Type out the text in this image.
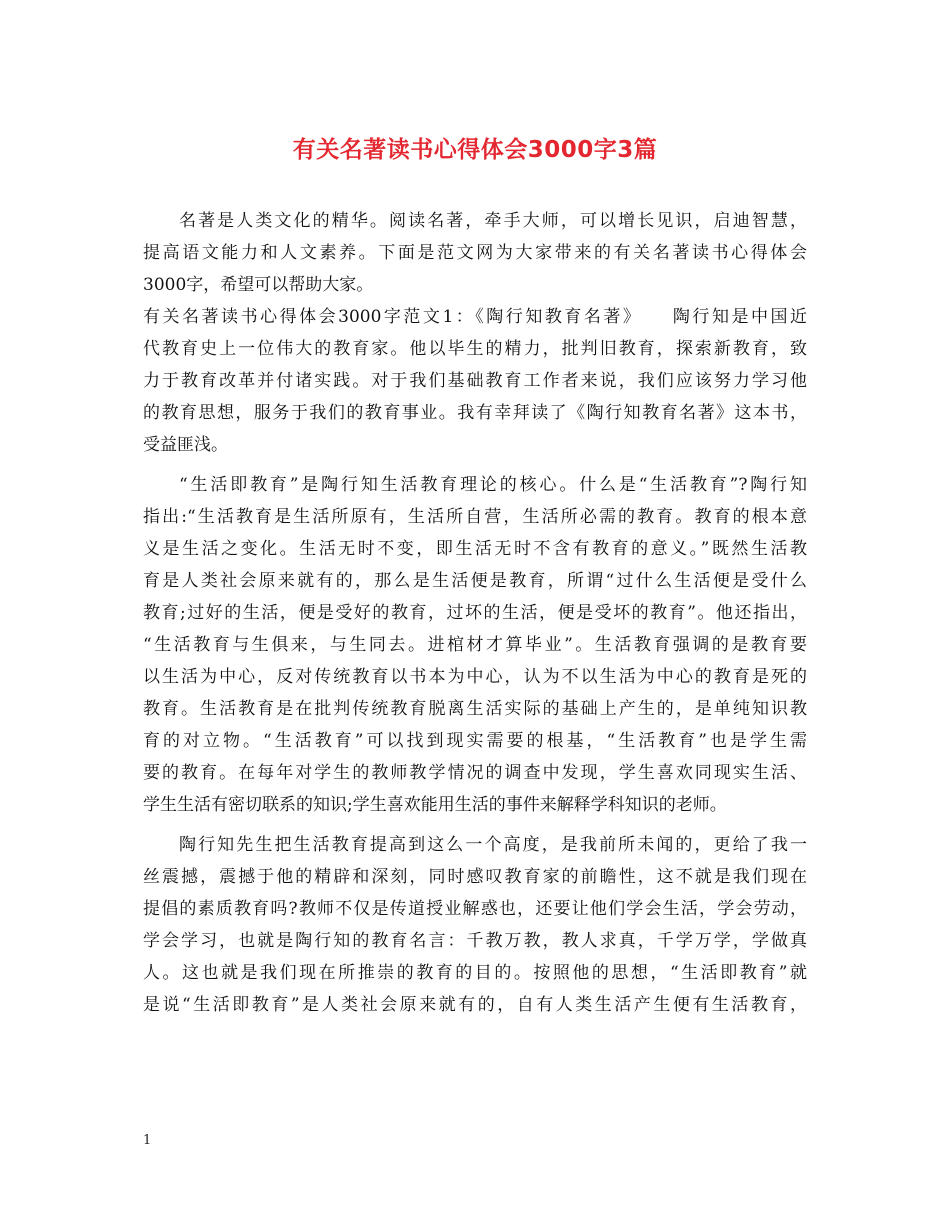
有关名著读书心得体会3000字3篇
名著是人类文化的精华。阅读名著，牵手大师，可以增长见识，启迪智慧，
提高语文能力和人文素养。下面是范文网为大家带来的有关名著读书心得体会
3000字，希望可以帮助大家。
有关名著读书心得体会3000字范文1：《陶行知教育名著》　　陶行知是中国近
代教育史上一位伟大的教育家。他以毕生的精力，批判旧教育，探索新教育，致
力于教育改革并付诸实践。对于我们基础教育工作者来说，我们应该努力学习他
的教育思想，服务于我们的教育事业。我有幸拜读了《陶行知教育名著》这本书，
受益匪浅。
“生活即教育”是陶行知生活教育理论的核心。什么是“生活教育”?陶行知
指出:“生活教育是生活所原有，生活所自营，生活所必需的教育。教育的根本意
义是生活之变化。生活无时不变，即生活无时不含有教育的意义。”既然生活教
育是人类社会原来就有的，那么是生活便是教育，所谓“过什么生活便是受什么
教育;过好的生活，便是受好的教育，过坏的生活，便是受坏的教育”。他还指出，
“生活教育与生俱来，与生同去。进棺材才算毕业”。生活教育强调的是教育要
以生活为中心，反对传统教育以书本为中心，认为不以生活为中心的教育是死的
教育。生活教育是在批判传统教育脱离生活实际的基础上产生的，是单纯知识教
育的对立物。“生活教育”可以找到现实需要的根基，“生活教育”也是学生需
要的教育。在每年对学生的教师教学情况的调查中发现，学生喜欢同现实生活、
学生生活有密切联系的知识;学生喜欢能用生活的事件来解释学科知识的老师。
陶行知先生把生活教育提高到这么一个高度，是我前所未闻的，更给了我一
丝震撼，震撼于他的精辟和深刻，同时感叹教育家的前瞻性，这不就是我们现在
提倡的素质教育吗?教师不仅是传道授业解惑也，还要让他们学会生活，学会劳动，
学会学习，也就是陶行知的教育名言：千教万教，教人求真，千学万学，学做真
人。这也就是我们现在所推崇的教育的目的。按照他的思想，“生活即教育”就
是说“生活即教育”是人类社会原来就有的，自有人类生活产生便有生活教育，
1
